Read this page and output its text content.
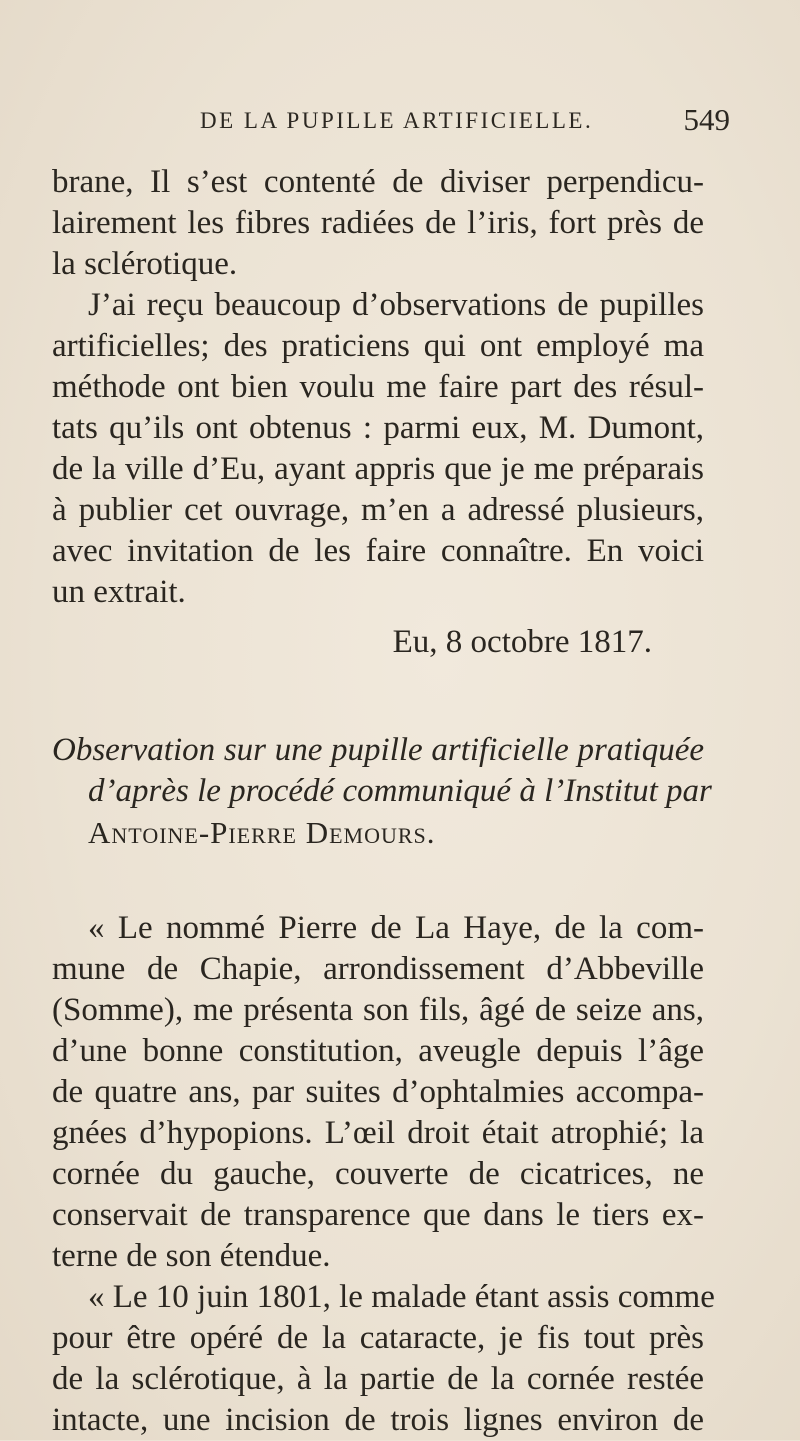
DE LA PUPILLE ARTIFICIELLE.	549
brane, Il s’est contenté de diviser perpendicu-
lairement les fibres radiées de l’iris, fort près de
la sclérotique.
J’ai reçu beaucoup d’observations de pupilles
artificielles; des praticiens qui ont employé ma
méthode ont bien voulu me faire part des résul-
tats qu’ils ont obtenus : parmi eux, M. Dumont,
de la ville d’Eu, ayant appris que je me préparais
à publier cet ouvrage, m’en a adressé plusieurs,
avec invitation de les faire connaître. En voici
un extrait.
Eu, 8 octobre 1817.
Observation sur une pupille artificielle pratiquée
d’après le procédé communiqué à l’Institut par
Antoine-Pierre Demours.
« Le nommé Pierre de La Haye, de la com-
mune de Chapie, arrondissement d’Abbeville
(Somme), me présenta son fils, âgé de seize ans,
d’une bonne constitution, aveugle depuis l’âge
de quatre ans, par suites d’ophtalmies accompa-
gnées d’hypopions. L’œil droit était atrophié; la
cornée du gauche, couverte de cicatrices, ne
conservait de transparence que dans le tiers ex-
terne de son étendue.
« Le 10 juin 1801, le malade étant assis comme
pour être opéré de la cataracte, je fis tout près
de la sclérotique, à la partie de la cornée restée
intacte, une incision de trois lignes environ de
